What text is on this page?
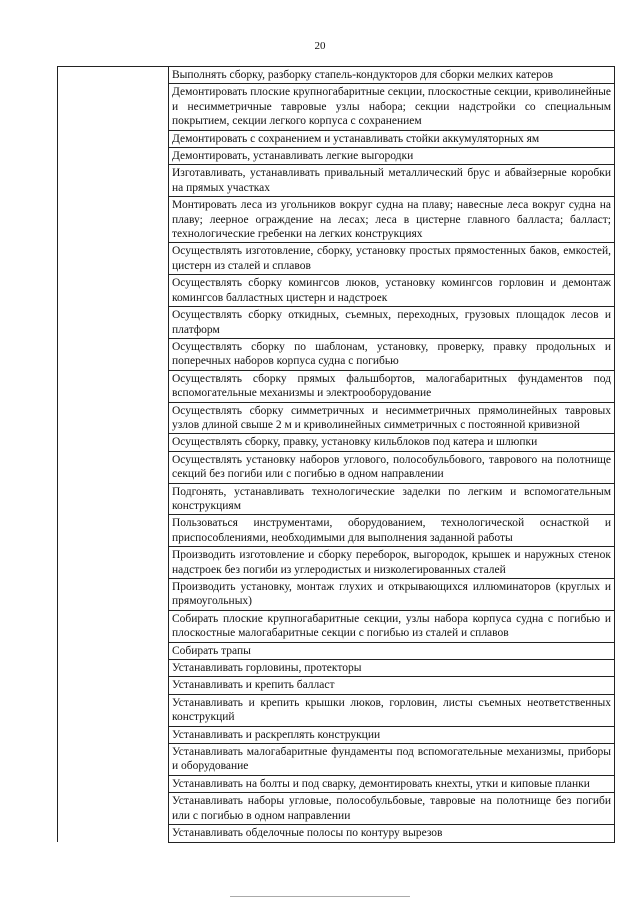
20
	Выполнять сборку, разборку стапель-кондукторов для сборки мелких катеров
	Демонтировать плоские крупногабаритные секции, плоскостные секции, криволинейные и несимметричные тавровые узлы набора; секции надстройки со специальным покрытием, секции легкого корпуса с сохранением
	Демонтировать с сохранением и устанавливать стойки аккумуляторных ям
	Демонтировать, устанавливать легкие выгородки
	Изготавливать, устанавливать привальный металлический брус и абвайзерные коробки на прямых участках
	Монтировать леса из угольников вокруг судна на плаву; навесные леса вокруг судна на плаву; леерное ограждение на лесах; леса в цистерне главного балласта; балласт; технологические гребенки на легких конструкциях
	Осуществлять изготовление, сборку, установку простых прямостенных баков, емкостей, цистерн из сталей и сплавов
	Осуществлять сборку комингсов люков, установку комингсов горловин и демонтаж комингсов балластных цистерн и надстроек
	Осуществлять сборку откидных, съемных, переходных, грузовых площадок лесов и платформ
	Осуществлять сборку по шаблонам, установку, проверку, правку продольных и поперечных наборов корпуса судна с погибью
	Осуществлять сборку прямых фальшбортов, малогабаритных фундаментов под вспомогательные механизмы и электрооборудование
	Осуществлять сборку симметричных и несимметричных прямолинейных тавровых узлов длиной свыше 2 м и криволинейных симметричных с постоянной кривизной
	Осуществлять сборку, правку, установку кильблоков под катера и шлюпки
	Осуществлять установку наборов углового, полособульбового, таврового на полотнище секций без погиби или с погибью в одном направлении
	Подгонять, устанавливать технологические заделки по легким и вспомогательным конструкциям
	Пользоваться инструментами, оборудованием, технологической оснасткой и приспособлениями, необходимыми для выполнения заданной работы
	Производить изготовление и сборку переборок, выгородок, крышек и наружных стенок надстроек без погиби из углеродистых и низколегированных сталей
	Производить установку, монтаж глухих и открывающихся иллюминаторов (круглых и прямоугольных)
	Собирать плоские крупногабаритные секции, узлы набора корпуса судна с погибью и плоскостные малогабаритные секции с погибью из сталей и сплавов
	Собирать трапы
	Устанавливать горловины, протекторы
	Устанавливать и крепить балласт
	Устанавливать и крепить крышки люков, горловин, листы съемных неответственных конструкций
	Устанавливать и раскреплять конструкции
	Устанавливать малогабаритные фундаменты под вспомогательные механизмы, приборы и оборудование
	Устанавливать на болты и под сварку, демонтировать кнехты, утки и киповые планки
	Устанавливать наборы угловые, полособульбовые, тавровые на полотнище без погиби или с погибью в одном направлении
	Устанавливать обделочные полосы по контуру вырезов
